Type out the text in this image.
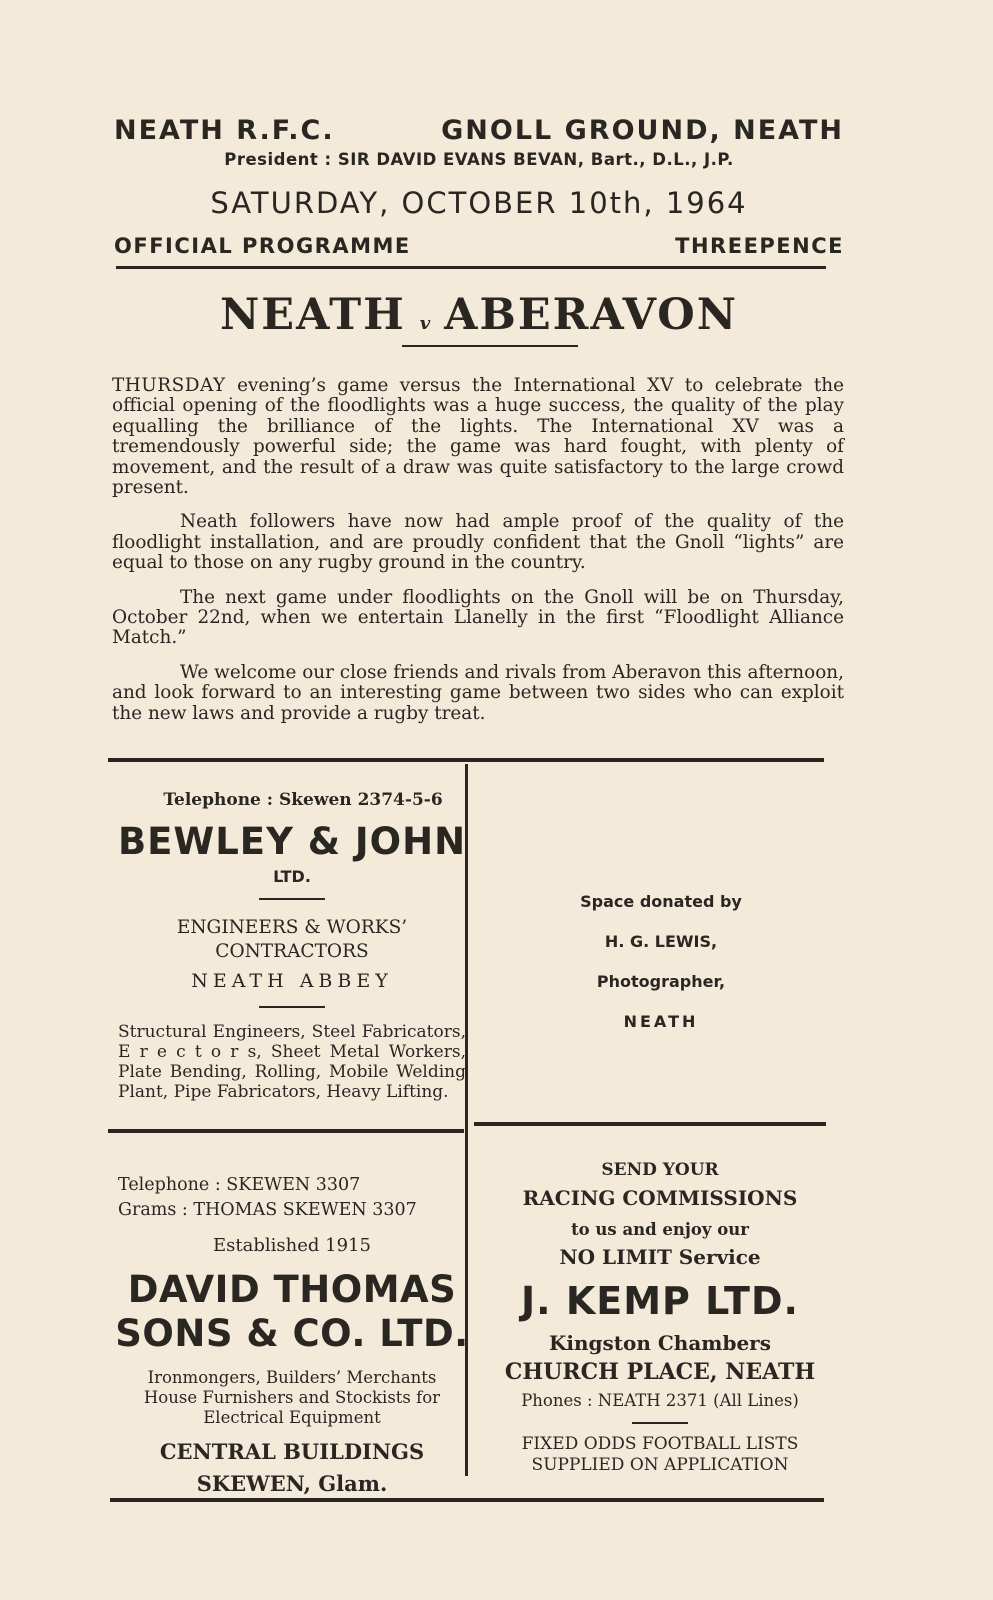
NEATH R.F.C.	GNOLL GROUND, NEATH
President : SIR DAVID EVANS BEVAN, Bart., D.L., J.P.
SATURDAY, OCTOBER 10th, 1964
OFFICIAL PROGRAMME	THREEPENCE
NEATH v ABERAVON

THURSDAY evening’s game versus the International XV to celebrate the official opening of the floodlights was a huge success, the quality of the play equalling the brilliance of the lights. The International XV was a tremendously powerful side; the game was hard fought, with plenty of movement, and the result of a draw was quite satisfactory to the large crowd present.

Neath followers have now had ample proof of the quality of the floodlight installation, and are proudly confident that the Gnoll “lights” are equal to those on any rugby ground in the country.

The next game under floodlights on the Gnoll will be on Thursday, October 22nd, when we entertain Llanelly in the first “Floodlight Alliance Match.”

We welcome our close friends and rivals from Aberavon this afternoon, and look forward to an interesting game between two sides who can exploit the new laws and provide a rugby treat.

Telephone : Skewen 2374-5-6
BEWLEY & JOHN
LTD.
ENGINEERS & WORKS’
CONTRACTORS
NEATH ABBEY
Structural Engineers, Steel Fabricators, E r e c t o r s, Sheet Metal Workers, Plate Bending, Rolling, Mobile Welding Plant, Pipe Fabricators, Heavy Lifting.
Space donated by
H. G. LEWIS,
Photographer,
NEATH
Telephone : SKEWEN 3307
Grams : THOMAS SKEWEN 3307
Established 1915
DAVID THOMAS
SONS & CO. LTD.
Ironmongers, Builders’ Merchants
House Furnishers and Stockists for
Electrical Equipment
CENTRAL BUILDINGS
SKEWEN, Glam.
SEND YOUR
RACING COMMISSIONS
to us and enjoy our
NO LIMIT Service
J. KEMP LTD.
Kingston Chambers
CHURCH PLACE, NEATH
Phones : NEATH 2371 (All Lines)
FIXED ODDS FOOTBALL LISTS
SUPPLIED ON APPLICATION
